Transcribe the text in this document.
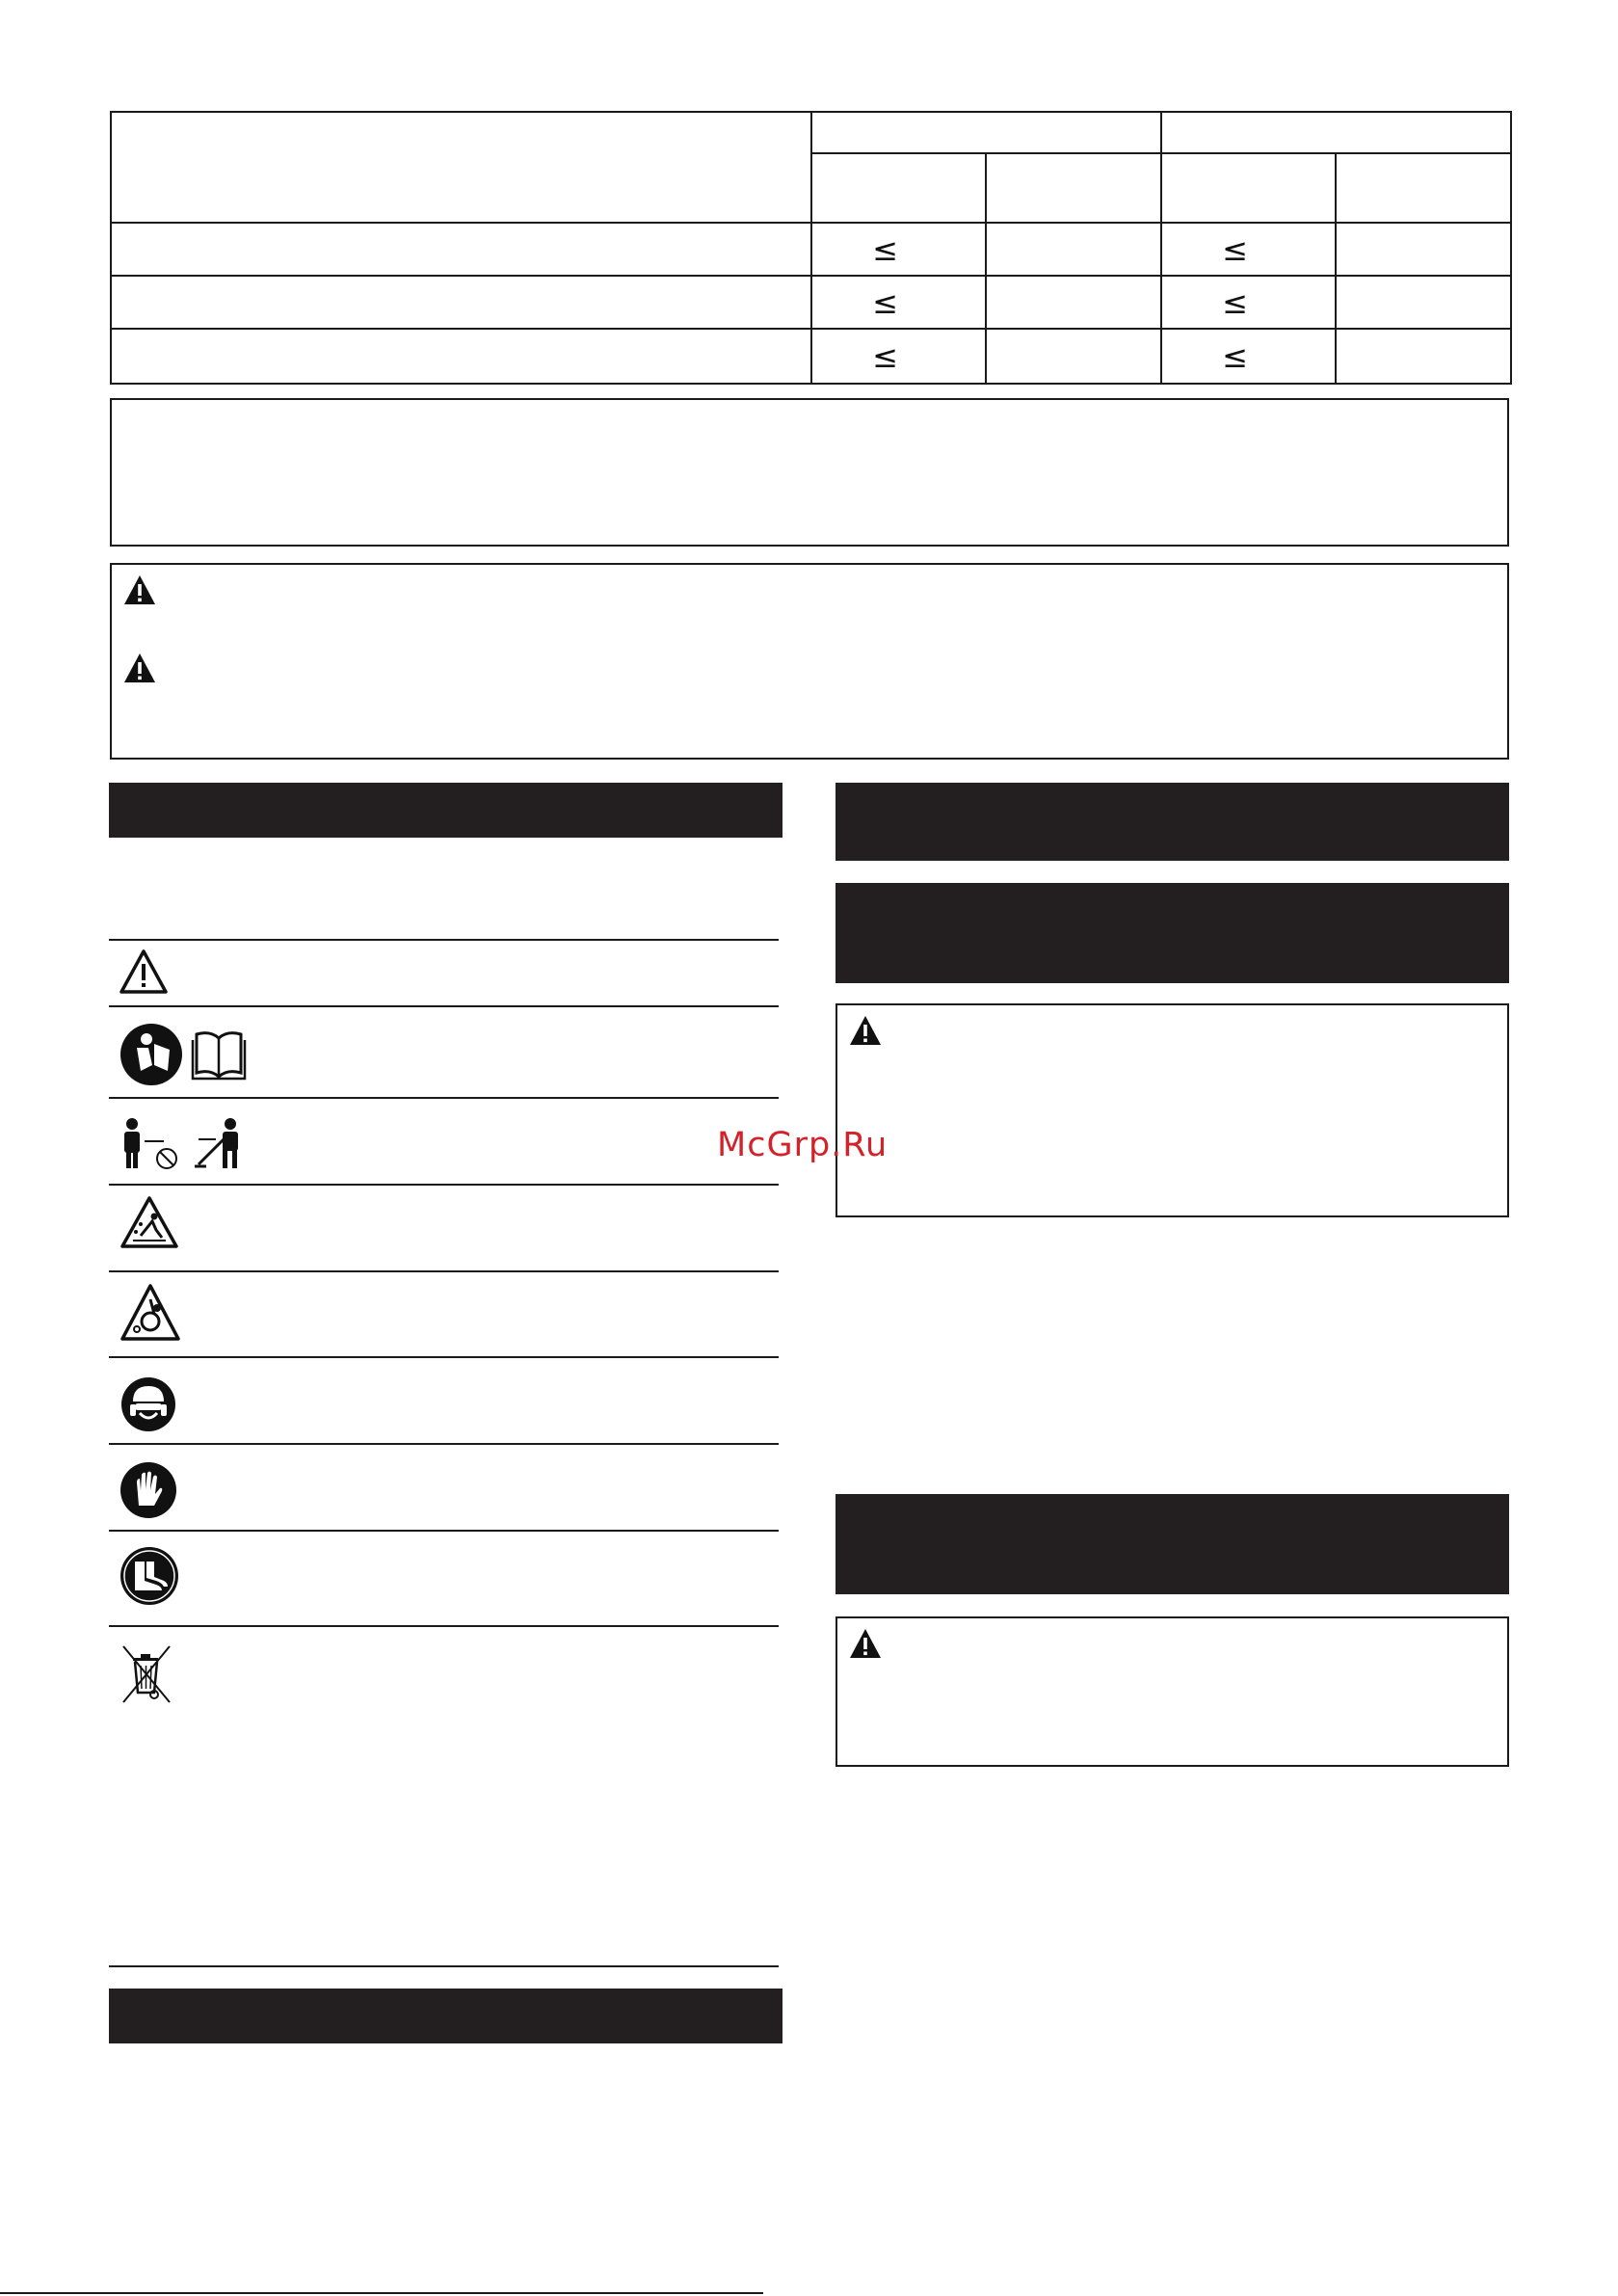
	≤		≤	
	≤		≤	
	≤		≤	
McGrp.Ru
